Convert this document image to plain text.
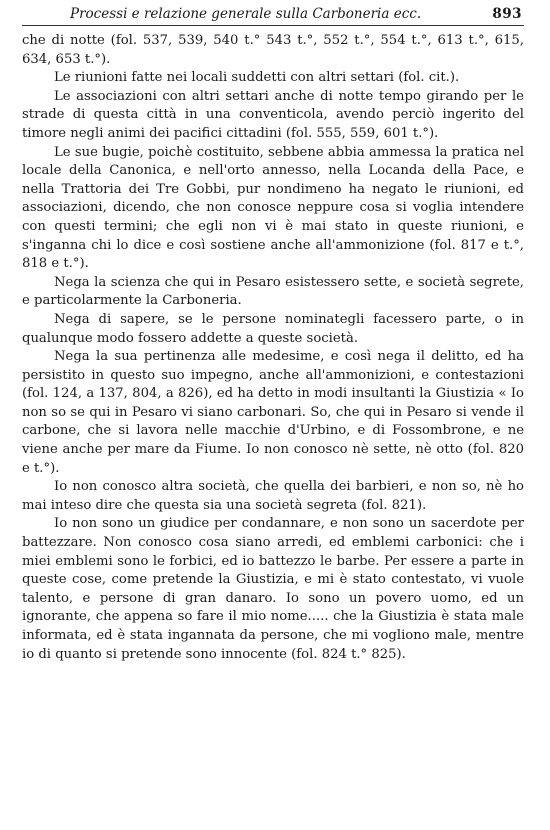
Processi e relazione generale sulla Carboneria ecc.	893

che di notte (fol. 537, 539, 540 t.° 543 t.°, 552 t.°, 554 t.°, 613 t.°, 615, 634, 653 t.°).

Le riunioni fatte nei locali suddetti con altri settari (fol. cit.).

Le associazioni con altri settari anche di notte tempo girando per le strade di questa città in una conventicola, avendo perciò ingerito del timore negli animi dei pacifici cittadini (fol. 555, 559, 601 t.°).

Le sue bugie, poichè costituito, sebbene abbia ammessa la pratica nel locale della Canonica, e nell'orto annesso, nella Locanda della Pace, e nella Trattoria dei Tre Gobbi, pur nondimeno ha negato le riunioni, ed associazioni, dicendo, che non conosce neppure cosa si voglia intendere con questi termini; che egli non vi è mai stato in queste riunioni, e s'inganna chi lo dice e così sostiene anche all'ammonizione (fol. 817 e t.°, 818 e t.°).

Nega la scienza che qui in Pesaro esistessero sette, e società segrete, e particolarmente la Carboneria.

Nega di sapere, se le persone nominategli facessero parte, o in qualunque modo fossero addette a queste società.

Nega la sua pertinenza alle medesime, e così nega il delitto, ed ha persistito in questo suo impegno, anche all'ammonizioni, e contestazioni (fol. 124, a 137, 804, a 826), ed ha detto in modi insultanti la Giustizia « Io non so se qui in Pesaro vi siano carbonari. So, che qui in Pesaro si vende il carbone, che si lavora nelle macchie d'Urbino, e di Fossombrone, e ne viene anche per mare da Fiume. Io non conosco nè sette, nè otto (fol. 820 e t.°).

Io non conosco altra società, che quella dei barbieri, e non so, nè ho mai inteso dire che questa sia una società segreta (fol. 821).

Io non sono un giudice per condannare, e non sono un sacerdote per battezzare. Non conosco cosa siano arredi, ed emblemi carbonici: che i miei emblemi sono le forbici, ed io battezzo le barbe. Per essere a parte in queste cose, come pretende la Giustizia, e mi è stato contestato, vi vuole talento, e persone di gran danaro. Io sono un povero uomo, ed un ignorante, che appena so fare il mio nome..... che la Giustizia è stata male informata, ed è stata ingannata da persone, che mi vogliono male, mentre io di quanto si pretende sono innocente (fol. 824 t.° 825).
